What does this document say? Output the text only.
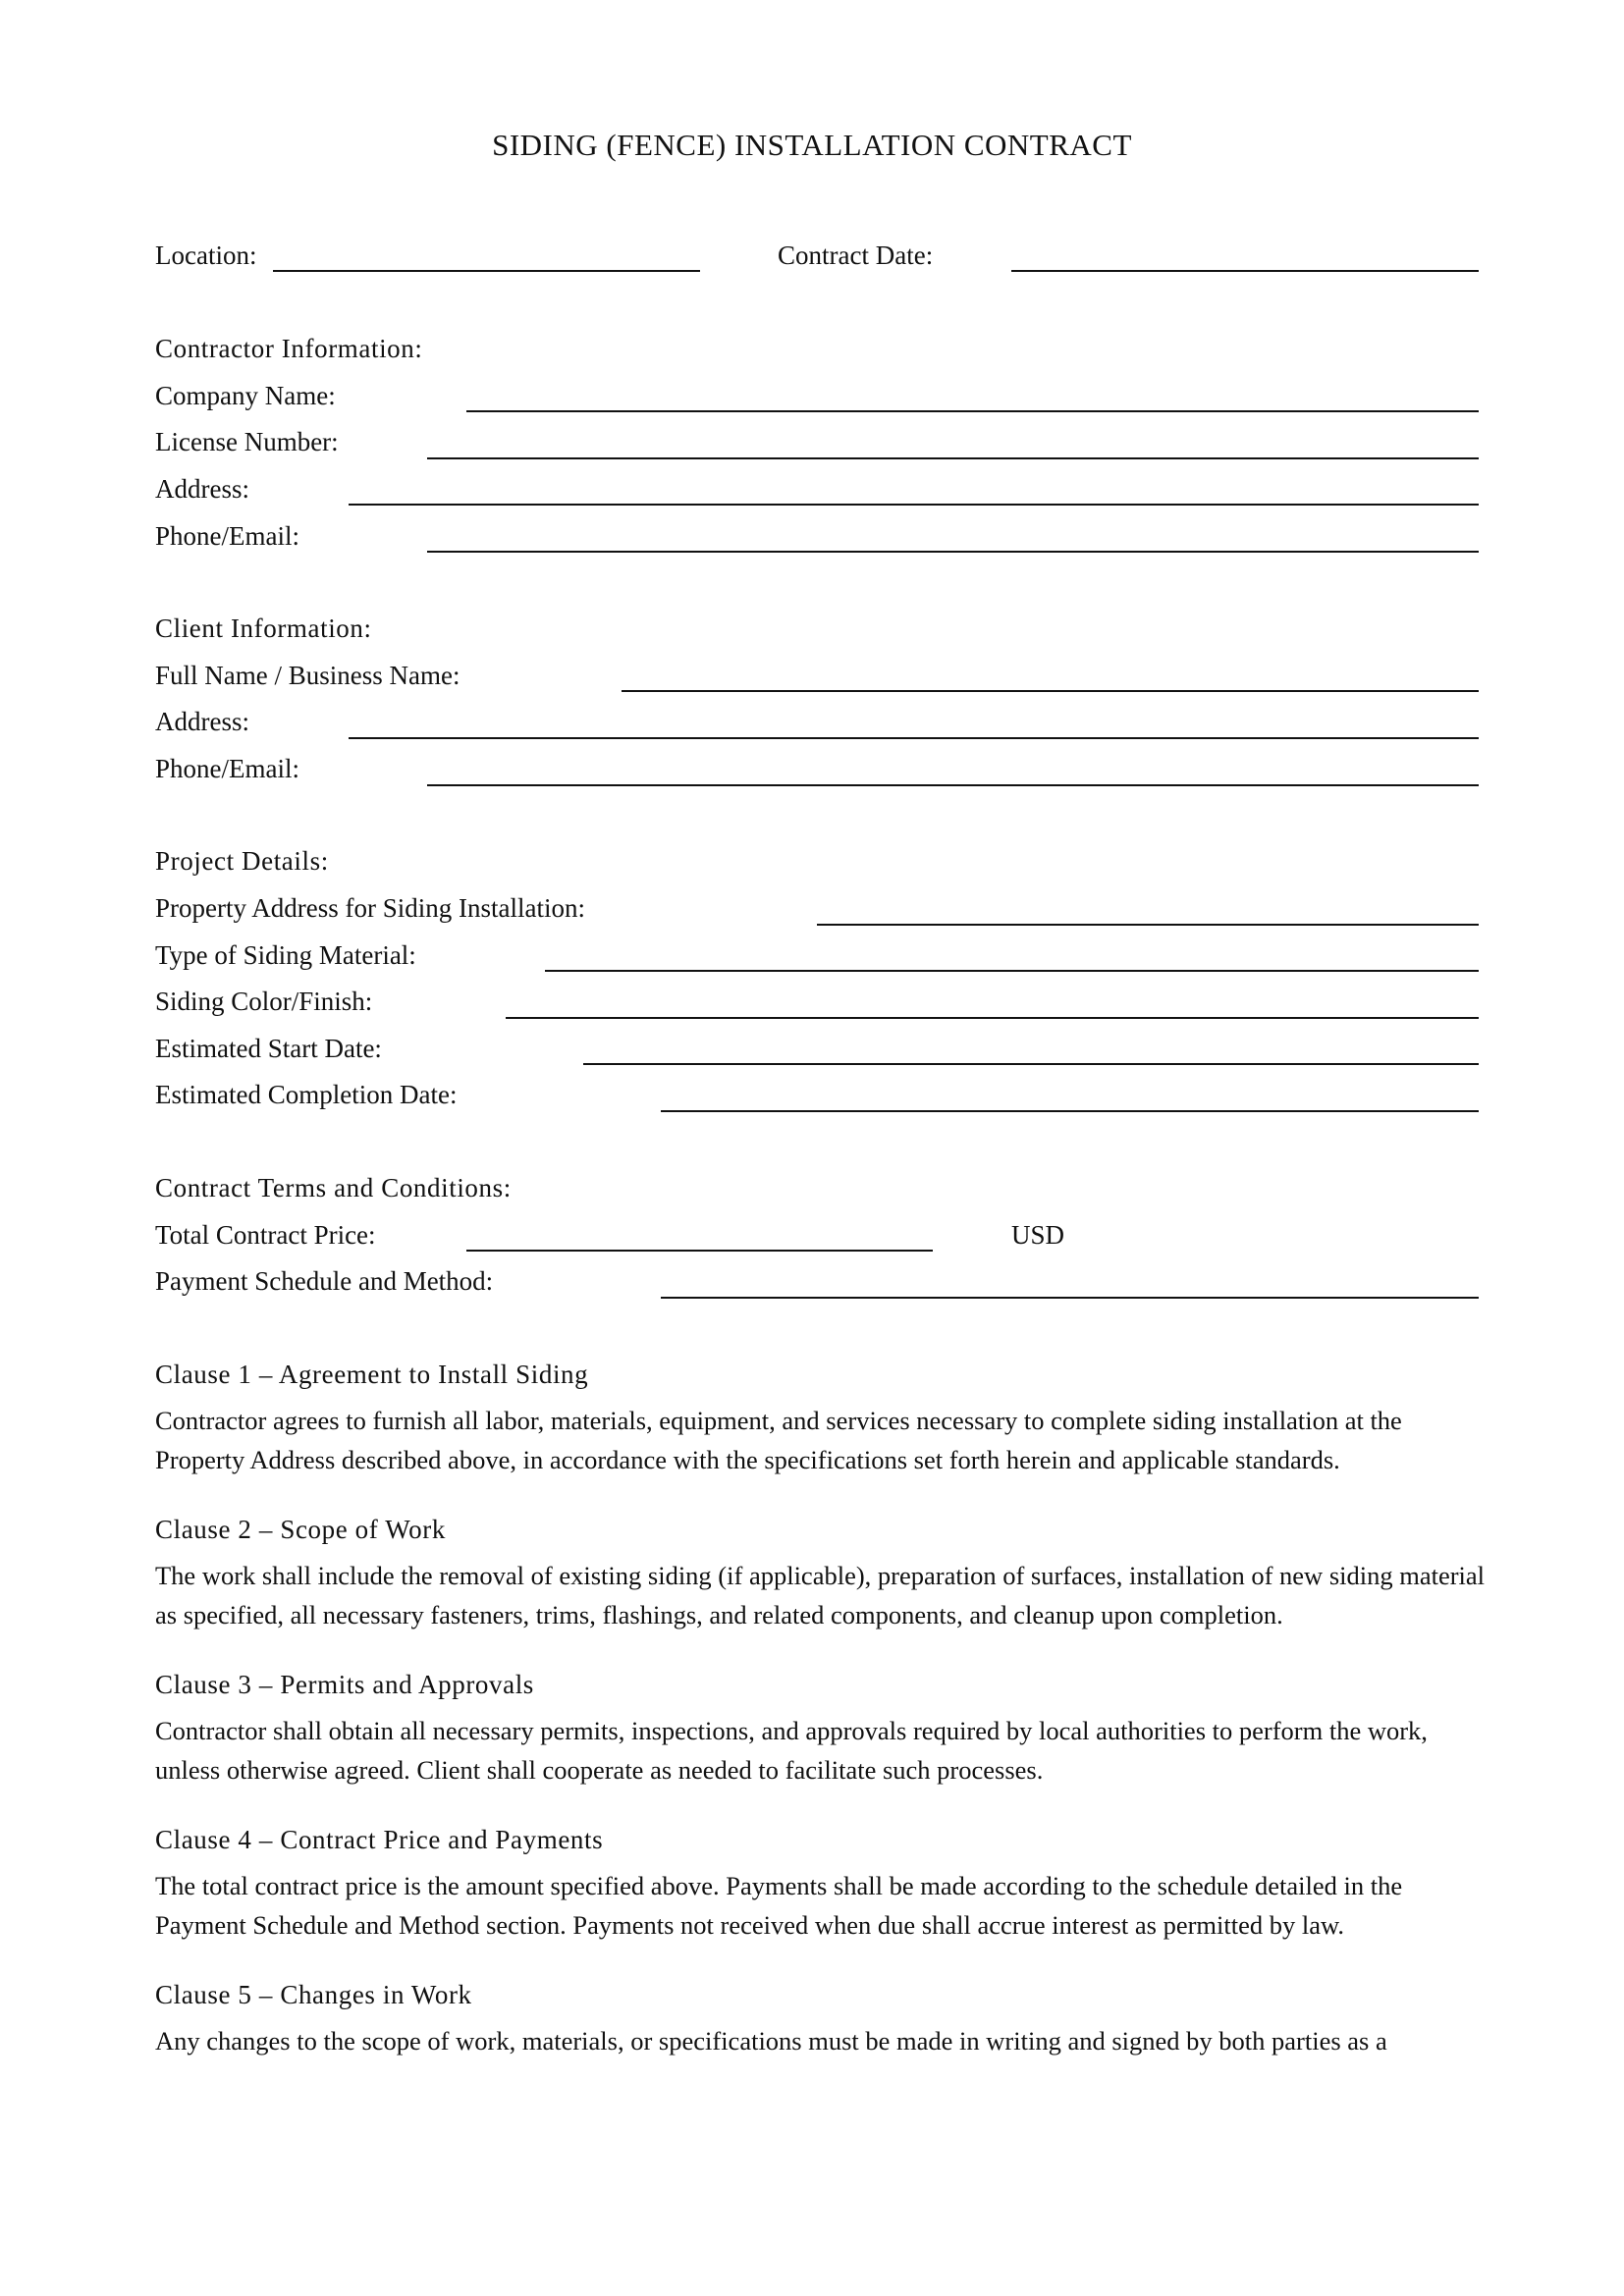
SIDING (FENCE) INSTALLATION CONTRACT
Location:	Contract Date:
Contractor Information:
Company Name:
License Number:
Address:
Phone/Email:
Client Information:
Full Name / Business Name:
Address:
Phone/Email:
Project Details:
Property Address for Siding Installation:
Type of Siding Material:
Siding Color/Finish:
Estimated Start Date:
Estimated Completion Date:
Contract Terms and Conditions:
Total Contract Price:	USD
Payment Schedule and Method:
Clause 1 – Agreement to Install Siding

Contractor agrees to furnish all labor, materials, equipment, and services necessary to complete siding installation at the Property Address described above, in accordance with the specifications set forth herein and applicable standards.

Clause 2 – Scope of Work

The work shall include the removal of existing siding (if applicable), preparation of surfaces, installation of new siding material as specified, all necessary fasteners, trims, flashings, and related components, and cleanup upon completion.

Clause 3 – Permits and Approvals

Contractor shall obtain all necessary permits, inspections, and approvals required by local authorities to perform the work, unless otherwise agreed. Client shall cooperate as needed to facilitate such processes.

Clause 4 – Contract Price and Payments

The total contract price is the amount specified above. Payments shall be made according to the schedule detailed in the Payment Schedule and Method section. Payments not received when due shall accrue interest as permitted by law.

Clause 5 – Changes in Work

Any changes to the scope of work, materials, or specifications must be made in writing and signed by both parties as a
